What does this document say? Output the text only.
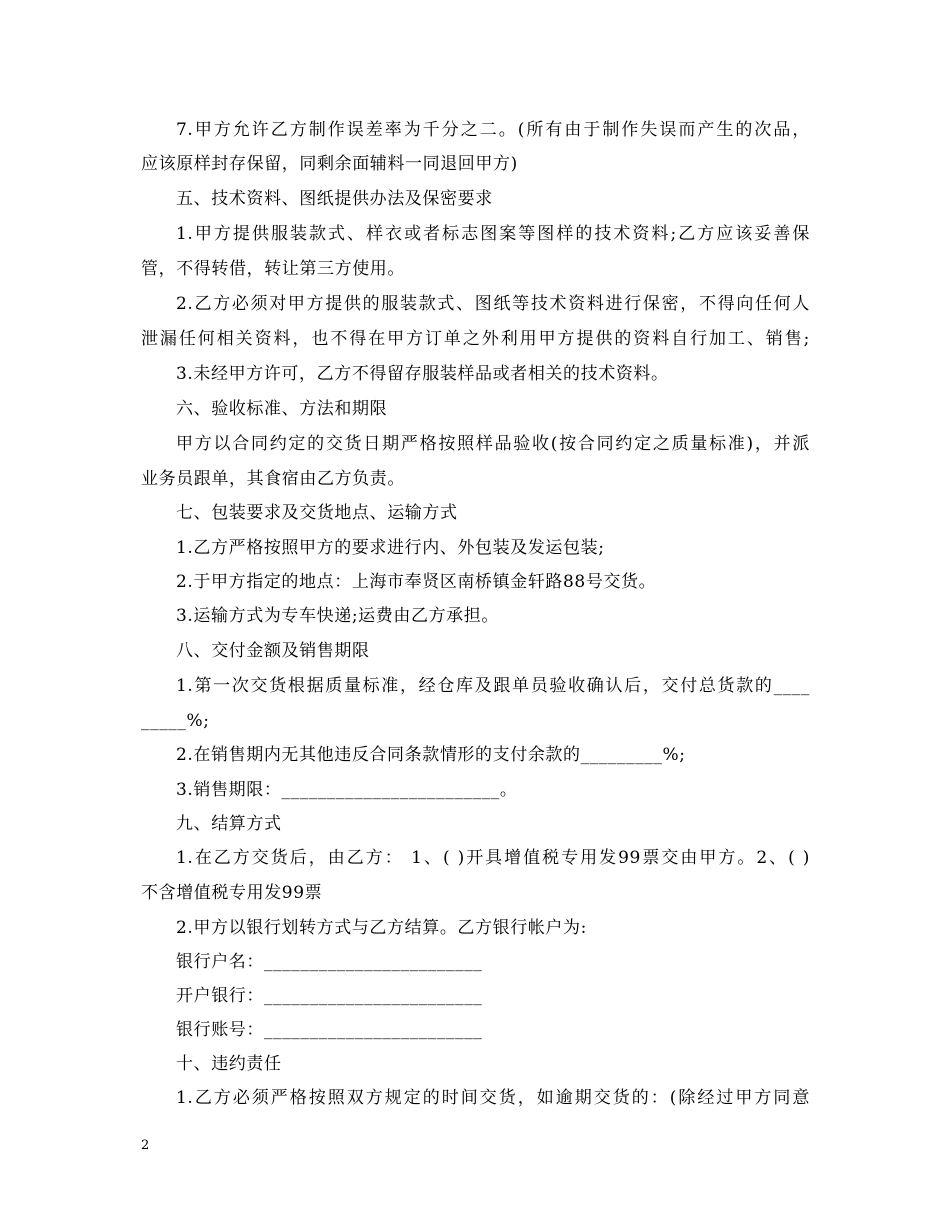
7.甲方允许乙方制作误差率为千分之二。(所有由于制作失误而产生的次品，
应该原样封存保留，同剩余面辅料一同退回甲方)
五、技术资料、图纸提供办法及保密要求
1.甲方提供服装款式、样衣或者标志图案等图样的技术资料;乙方应该妥善保
管，不得转借，转让第三方使用。
2.乙方必须对甲方提供的服装款式、图纸等技术资料进行保密，不得向任何人
泄漏任何相关资料，也不得在甲方订单之外利用甲方提供的资料自行加工、销售;
3.未经甲方许可，乙方不得留存服装样品或者相关的技术资料。
六、验收标准、方法和期限
甲方以合同约定的交货日期严格按照样品验收(按合同约定之质量标准)，并派
业务员跟单，其食宿由乙方负责。
七、包装要求及交货地点、运输方式
1.乙方严格按照甲方的要求进行内、外包装及发运包装;
2.于甲方指定的地点：上海市奉贤区南桥镇金轩路88号交货。
3.运输方式为专车快递;运费由乙方承担。
八、交付金额及销售期限
1.第一次交货根据质量标准，经仓库及跟单员验收确认后，交付总货款的____
_____%;
2.在销售期内无其他违反合同条款情形的支付余款的_________%;
3.销售期限：________________________。
九、结算方式
1.在乙方交货后，由乙方： 1、( )开具增值税专用发99票交由甲方。2、( )
不含增值税专用发99票
2.甲方以银行划转方式与乙方结算。乙方银行帐户为:
银行户名：________________________
开户银行：________________________
银行账号：________________________
十、违约责任
1.乙方必须严格按照双方规定的时间交货，如逾期交货的：(除经过甲方同意
2
